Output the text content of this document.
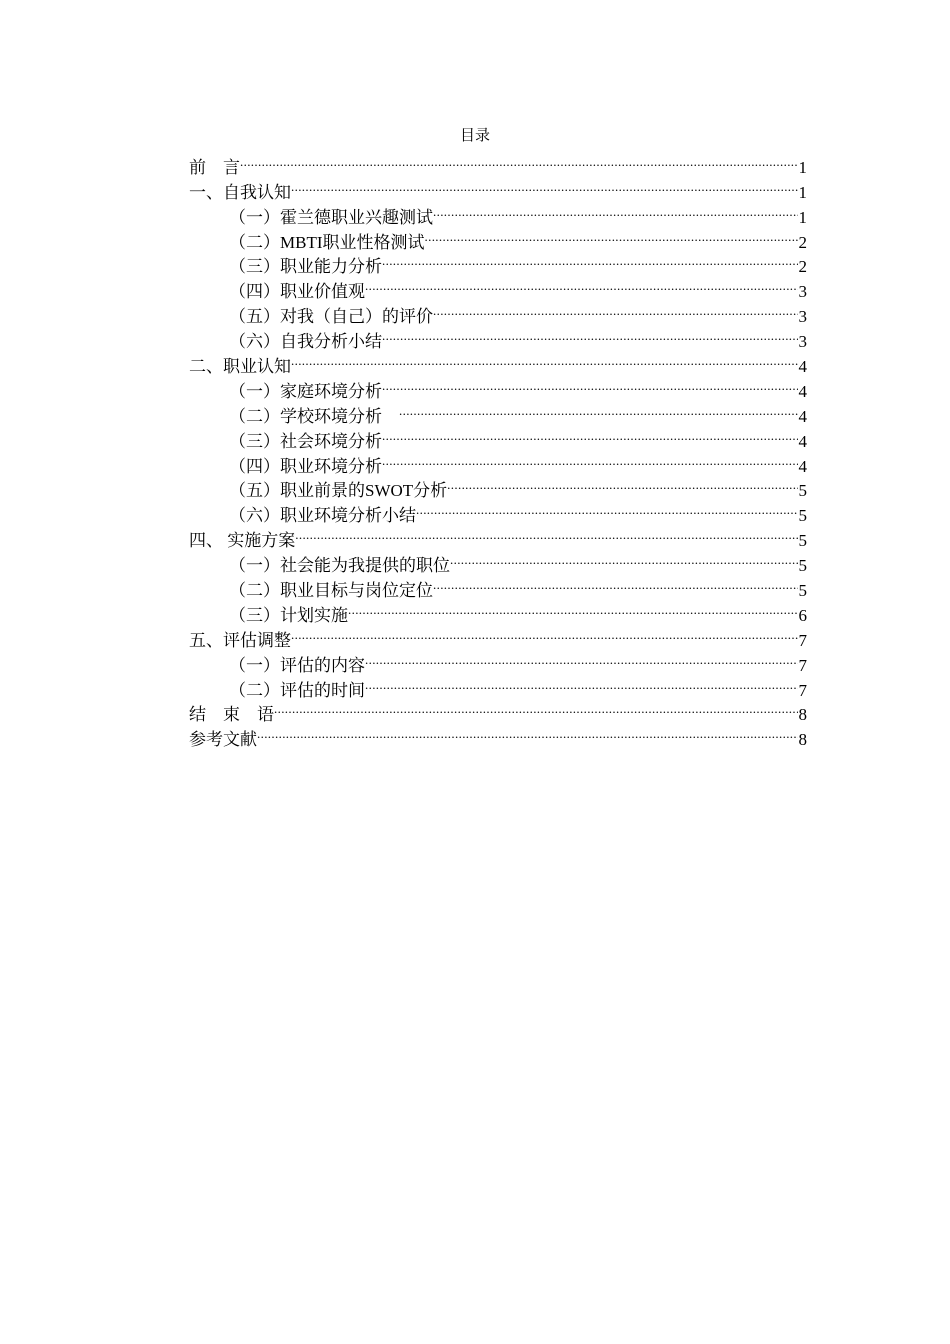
目录
前　言 .....	1
一、自我认知 .....	1
（一）霍兰德职业兴趣测试 .....	1
（二）MBTI职业性格测试 .....	2
（三）职业能力分析 .....	2
（四）职业价值观 .....	3
（五）对我（自己）的评价 .....	3
（六）自我分析小结 .....	3
二、职业认知 .....	4
（一）家庭环境分析 .....	4
（二）学校环境分析　 .....	4
（三）社会环境分析 .....	4
（四）职业环境分析 .....	4
（五）职业前景的SWOT分析 .....	5
（六）职业环境分析小结 .....	5
四、 实施方案 .....	5
（一）社会能为我提供的职位 .....	5
（二）职业目标与岗位定位 .....	5
（三）计划实施 .....	6
五、评估调整 .....	7
（一）评估的内容 .....	7
（二）评估的时间 .....	7
结　束　语 .....	8
参考文献 .....	8
